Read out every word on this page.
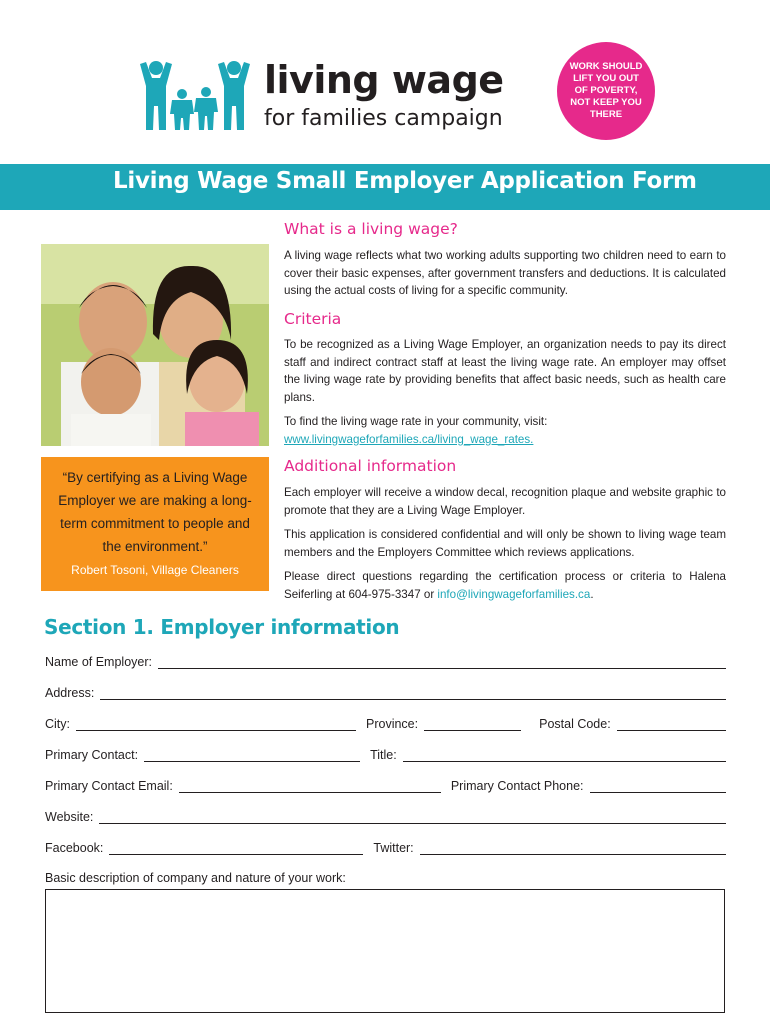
living wage
for families campaign
WORK SHOULD LIFT YOU OUT OF POVERTY, NOT KEEP YOU THERE
Living Wage Small Employer Application Form
“By certifying as a Living Wage Employer we are making a long-term commitment to people and the environment.”
Robert Tosoni, Village Cleaners
What is a living wage?
A living wage reflects what two working adults supporting two children need to earn to cover their basic expenses, after government transfers and deductions. It is calculated using the actual costs of living for a specific community.
Criteria
To be recognized as a Living Wage Employer, an organization needs to pay its direct staff and indirect contract staff at least the living wage rate. An employer may offset the living wage rate by providing benefits that affect basic needs, such as health care plans.
To find the living wage rate in your community, visit:
www.livingwageforfamilies.ca/living_wage_rates.
Additional information
Each employer will receive a window decal, recognition plaque and website graphic to promote that they are a Living Wage Employer.
This application is considered confidential and will only be shown to living wage team members and the Employers Committee which reviews applications.
Please direct questions regarding the certification process or criteria to Halena Seiferling at 604-975-3347 or info@livingwageforfamilies.ca.
Section 1. Employer information
Name of Employer:
Address:
City:	Province:	Postal Code:
Primary Contact:	Title:
Primary Contact Email:	Primary Contact Phone:
Website:
Facebook:	Twitter:
Basic description of company and nature of your work:
